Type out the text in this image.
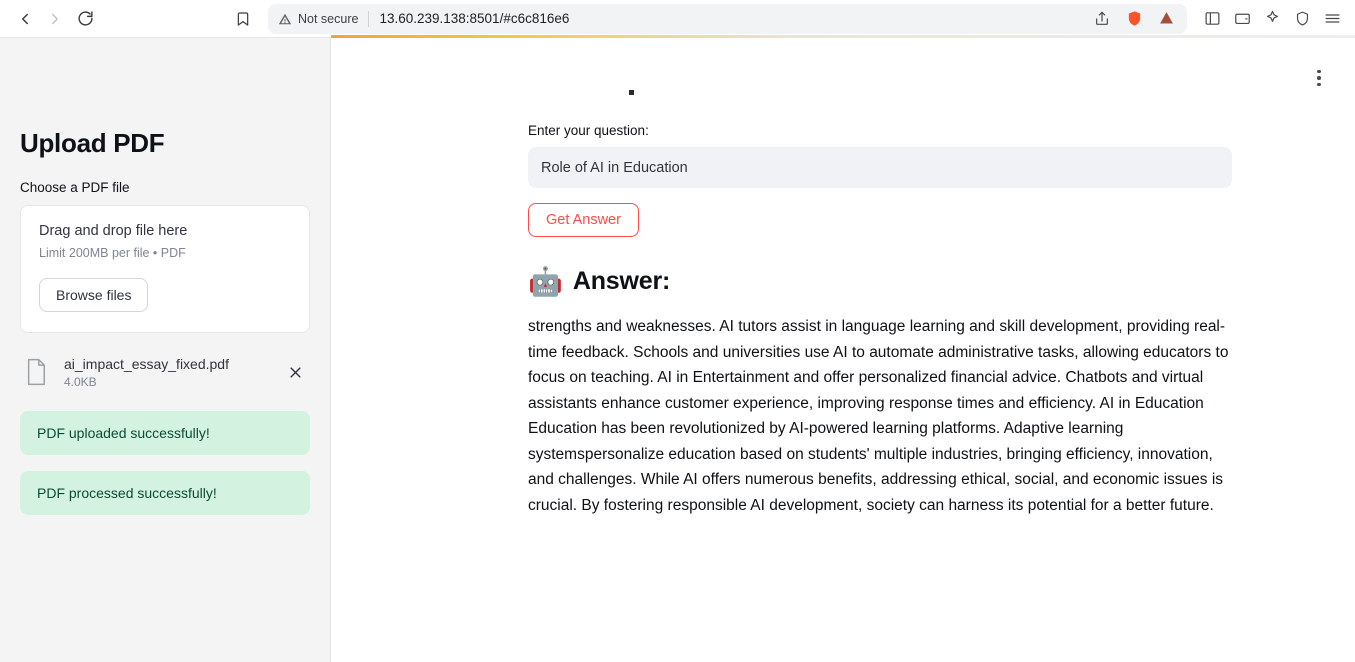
Not secure 13.60.239.138:8501/#c6c816e6
Upload PDF
Choose a PDF file
Drag and drop file here
Limit 200MB per file • PDF
Browse files
ai_impact_essay_fixed.pdf
4.0KB
PDF uploaded successfully!
PDF processed successfully!
Enter your question:
Role of AI in Education
Get Answer
🤖 Answer:
strengths and weaknesses. AI tutors assist in language learning and skill development, providing real-time feedback. Schools and universities use AI to automate administrative tasks, allowing educators to focus on teaching. AI in Entertainment and offer personalized financial advice. Chatbots and virtual assistants enhance customer experience, improving response times and efficiency. AI in Education Education has been revolutionized by AI-powered learning platforms. Adaptive learning systemspersonalize education based on students' multiple industries, bringing efficiency, innovation, and challenges. While AI offers numerous benefits, addressing ethical, social, and economic issues is crucial. By fostering responsible AI development, society can harness its potential for a better future.
